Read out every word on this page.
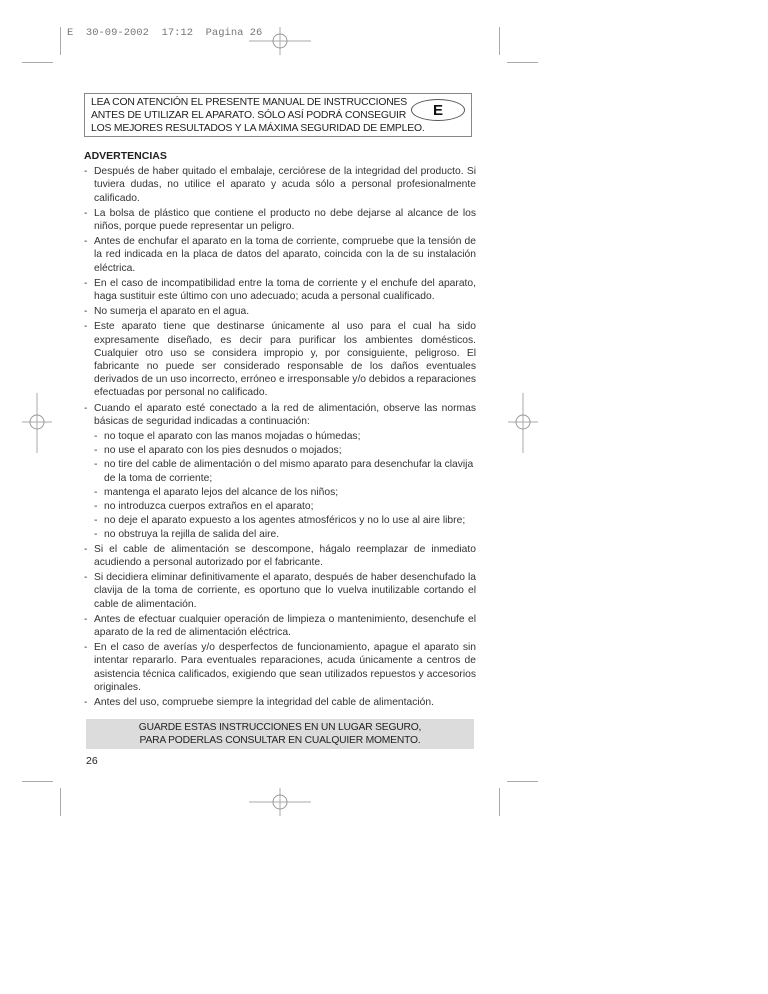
E  30-09-2002  17:12  Pagina 26
LEA CON ATENCIÓN EL PRESENTE MANUAL DE INSTRUCCIONES
ANTES DE UTILIZAR EL APARATO. SÓLO ASÍ PODRÁ CONSEGUIR
LOS MEJORES RESULTADOS Y LA MÁXIMA SEGURIDAD DE EMPLEO.
E
ADVERTENCIAS
- Después de haber quitado el embalaje, cerciórese de la integridad del producto. Si tuviera dudas, no utilice el aparato y acuda sólo a personal profesionalmente calificado.
- La bolsa de plástico que contiene el producto no debe dejarse al alcance de los niños, porque puede representar un peligro.
- Antes de enchufar el aparato en la toma de corriente, compruebe que la tensión de la red indicada en la placa de datos del aparato, coincida con la de su instalación eléctrica.
- En el caso de incompatibilidad entre la toma de corriente y el enchufe del aparato, haga sustituir este último con uno adecuado; acuda a personal cualificado.
- No sumerja el aparato en el agua.
- Este aparato tiene que destinarse únicamente al uso para el cual ha sido expresamente diseñado, es decir para purificar los ambientes domésticos. Cualquier otro uso se considera impropio y, por consiguiente, peligroso. El fabricante no puede ser considerado responsable de los daños eventuales derivados de un uso incorrecto, erróneo e irresponsable y/o debidos a reparaciones efectuadas por personal no calificado.
- Cuando el aparato esté conectado a la red de alimentación, observe las normas básicas de seguridad indicadas a continuación:
- no toque el aparato con las manos mojadas o húmedas;
- no use el aparato con los pies desnudos o mojados;
- no tire del cable de alimentación o del mismo aparato para desenchufar la clavija de la toma de corriente;
- mantenga el aparato lejos del alcance de los niños;
- no introduzca cuerpos extraños en el aparato;
- no deje el aparato expuesto a los agentes atmosféricos y no lo use al aire libre;
- no obstruya la rejilla de salida del aire.
- Si el cable de alimentación se descompone, hágalo reemplazar de inmediato acudiendo a personal autorizado por el fabricante.
- Si decidiera eliminar definitivamente el aparato, después de haber desenchufado la clavija de la toma de corriente, es oportuno que lo vuelva inutilizable cortando el cable de alimentación.
- Antes de efectuar cualquier operación de limpieza o mantenimiento, desenchufe el aparato de la red de alimentación eléctrica.
- En el caso de averías y/o desperfectos de funcionamiento, apague el aparato sin intentar repararlo. Para eventuales reparaciones, acuda únicamente a centros de asistencia técnica calificados, exigiendo que sean utilizados repuestos y accesorios originales.
- Antes del uso, compruebe siempre la integridad del cable de alimentación.
GUARDE ESTAS INSTRUCCIONES EN UN LUGAR SEGURO,
PARA PODERLAS CONSULTAR EN CUALQUIER MOMENTO.
26
